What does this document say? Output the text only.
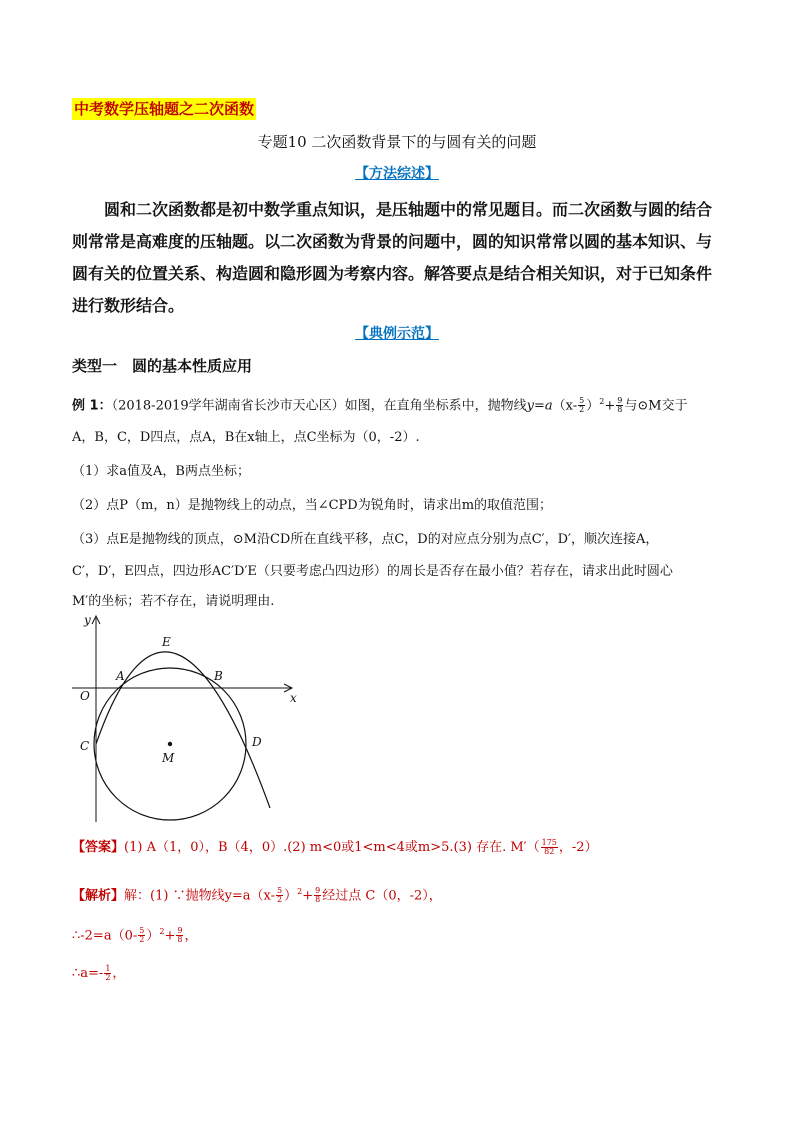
中考数学压轴题之二次函数
专题10 二次函数背景下的与圆有关的问题
【方法综述】
圆和二次函数都是初中数学重点知识，是压轴题中的常见题目。而二次函数与圆的结合则常常是高难度的压轴题。以二次函数为背景的问题中，圆的知识常常以圆的基本知识、与圆有关的位置关系、构造圆和隐形圆为考察内容。解答要点是结合相关知识，对于已知条件进行数形结合。
【典例示范】
类型一　圆的基本性质应用
例 1：（2018-2019学年湖南省长沙市天心区）如图，在直角坐标系中，抛物线$y=a(x- \frac{5}{2} )^2+ \frac{9}{8}$ 与⊙M交于
A，B，C，D四点，点A，B在x轴上，点C坐标为（0，-2）.
（1）求a值及A，B两点坐标；
（2）点P（m，n）是抛物线上的动点，当∠CPD为锐角时，请求出m的取值范围；
（3）点E是抛物线的顶点，⊙M沿CD所在直线平移，点C，D的对应点分别为点C′，D′，顺次连接A，
C′，D′，E四点，四边形AC′D′E（只要考虑凸四边形）的周长是否存在最小值？若存在，请求出此时圆心
M′的坐标；若不存在，请说明理由.
y
x
O
A	B
C	D
E
M
【答案】(1) A（1，0），B（4，0）.(2) m<0或1<m<4或m>5.(3) 存在. $M'( \frac{175}{82}$ ，-2）
【解析】解：(1) ∵抛物线$y=a(x- \frac{5}{2} )^2+ \frac{9}{8}$ 经过点 C（0，-2），
∴-2=a（0- $\frac{5}{2} )^2+ \frac{9}{8}$ ，
∴a=- $\frac{1}{2}$ ，
